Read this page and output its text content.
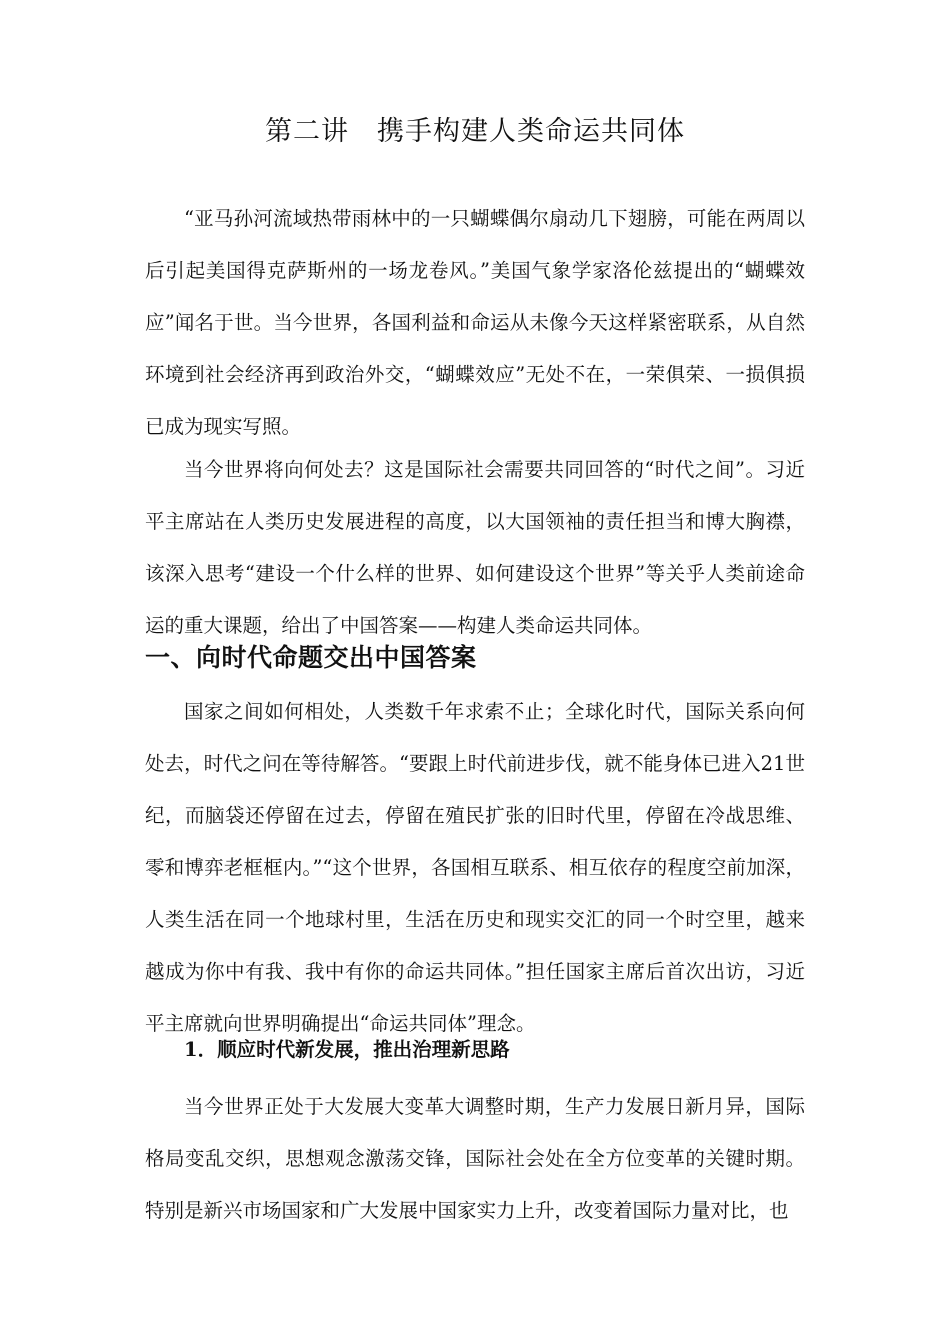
第二讲　携手构建人类命运共同体

“亚马孙河流域热带雨林中的一只蝴蝶偶尔扇动几下翅膀，可能在两周以后引起美国得克萨斯州的一场龙卷风。”美国气象学家洛伦兹提出的“蝴蝶效应”闻名于世。当今世界，各国利益和命运从未像今天这样紧密联系，从自然环境到社会经济再到政治外交，“蝴蝶效应”无处不在，一荣俱荣、一损俱损已成为现实写照。

当今世界将向何处去？这是国际社会需要共同回答的“时代之间”。习近平主席站在人类历史发展进程的高度，以大国领袖的责任担当和博大胸襟，该深入思考“建设一个什么样的世界、如何建设这个世界”等关乎人类前途命运的重大课题，给出了中国答案——构建人类命运共同体。

一、向时代命题交出中国答案

国家之间如何相处，人类数千年求索不止；全球化时代，国际关系向何处去，时代之问在等待解答。“要跟上时代前进步伐，就不能身体已进入21世纪，而脑袋还停留在过去，停留在殖民扩张的旧时代里，停留在冷战思维、零和博弈老框框内。”“这个世界，各国相互联系、相互依存的程度空前加深，人类生活在同一个地球村里，生活在历史和现实交汇的同一个时空里，越来越成为你中有我、我中有你的命运共同体。”担任国家主席后首次出访，习近平主席就向世界明确提出“命运共同体”理念。

1．顺应时代新发展，推出治理新思路

当今世界正处于大发展大变革大调整时期，生产力发展日新月异，国际格局变乱交织，思想观念激荡交锋，国际社会处在全方位变革的关键时期。特别是新兴市场国家和广大发展中国家实力上升，改变着国际力量对比，也
